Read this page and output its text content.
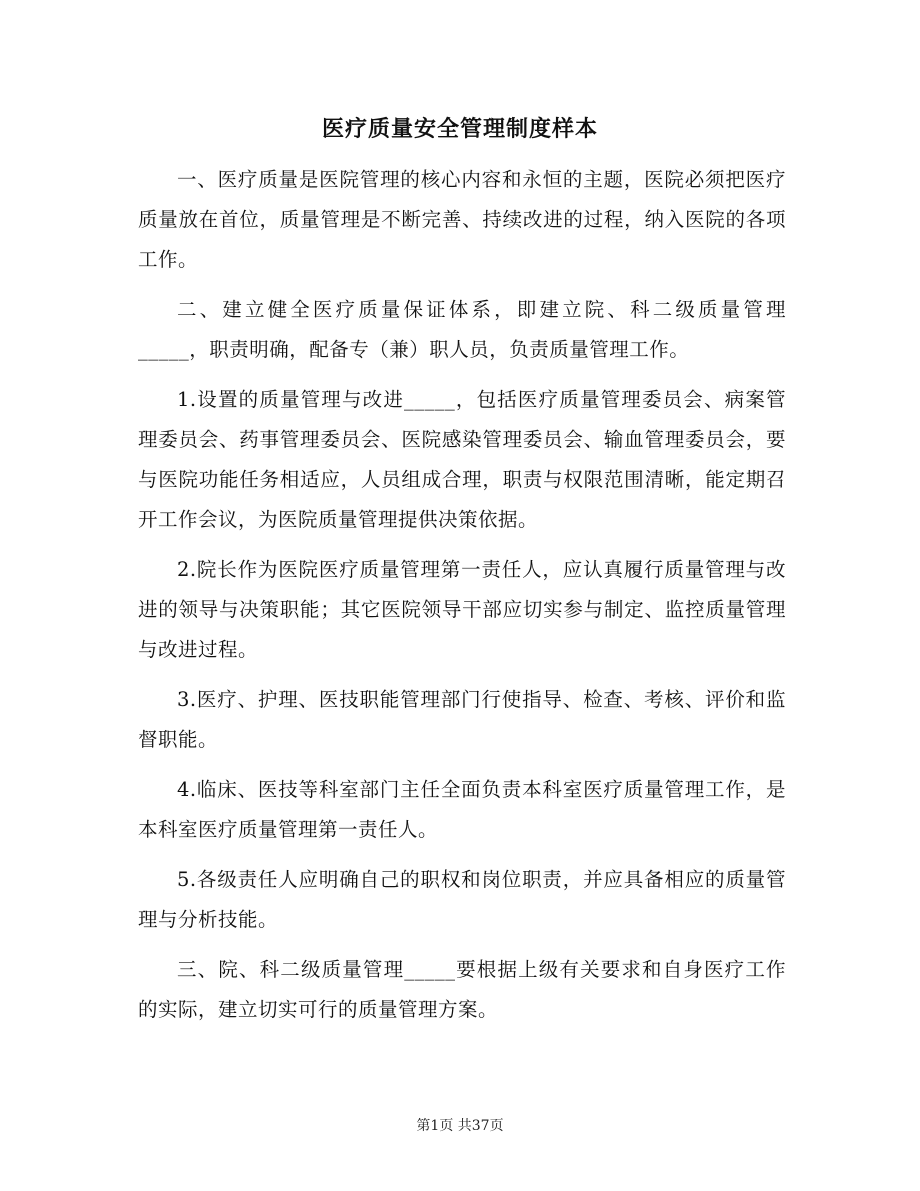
医疗质量安全管理制度样本

一、医疗质量是医院管理的核心内容和永恒的主题，医院必须把医疗质量放在首位，质量管理是不断完善、持续改进的过程，纳入医院的各项工作。

二、建立健全医疗质量保证体系，即建立院、科二级质量管理_____，职责明确，配备专（兼）职人员，负责质量管理工作。

1.设置的质量管理与改进_____，包括医疗质量管理委员会、病案管理委员会、药事管理委员会、医院感染管理委员会、输血管理委员会，要与医院功能任务相适应，人员组成合理，职责与权限范围清晰，能定期召开工作会议，为医院质量管理提供决策依据。

2.院长作为医院医疗质量管理第一责任人，应认真履行质量管理与改进的领导与决策职能；其它医院领导干部应切实参与制定、监控质量管理与改进过程。

3.医疗、护理、医技职能管理部门行使指导、检查、考核、评价和监督职能。

4.临床、医技等科室部门主任全面负责本科室医疗质量管理工作，是本科室医疗质量管理第一责任人。

5.各级责任人应明确自己的职权和岗位职责，并应具备相应的质量管理与分析技能。

三、院、科二级质量管理_____要根据上级有关要求和自身医疗工作的实际，建立切实可行的质量管理方案。

第1页 共37页
